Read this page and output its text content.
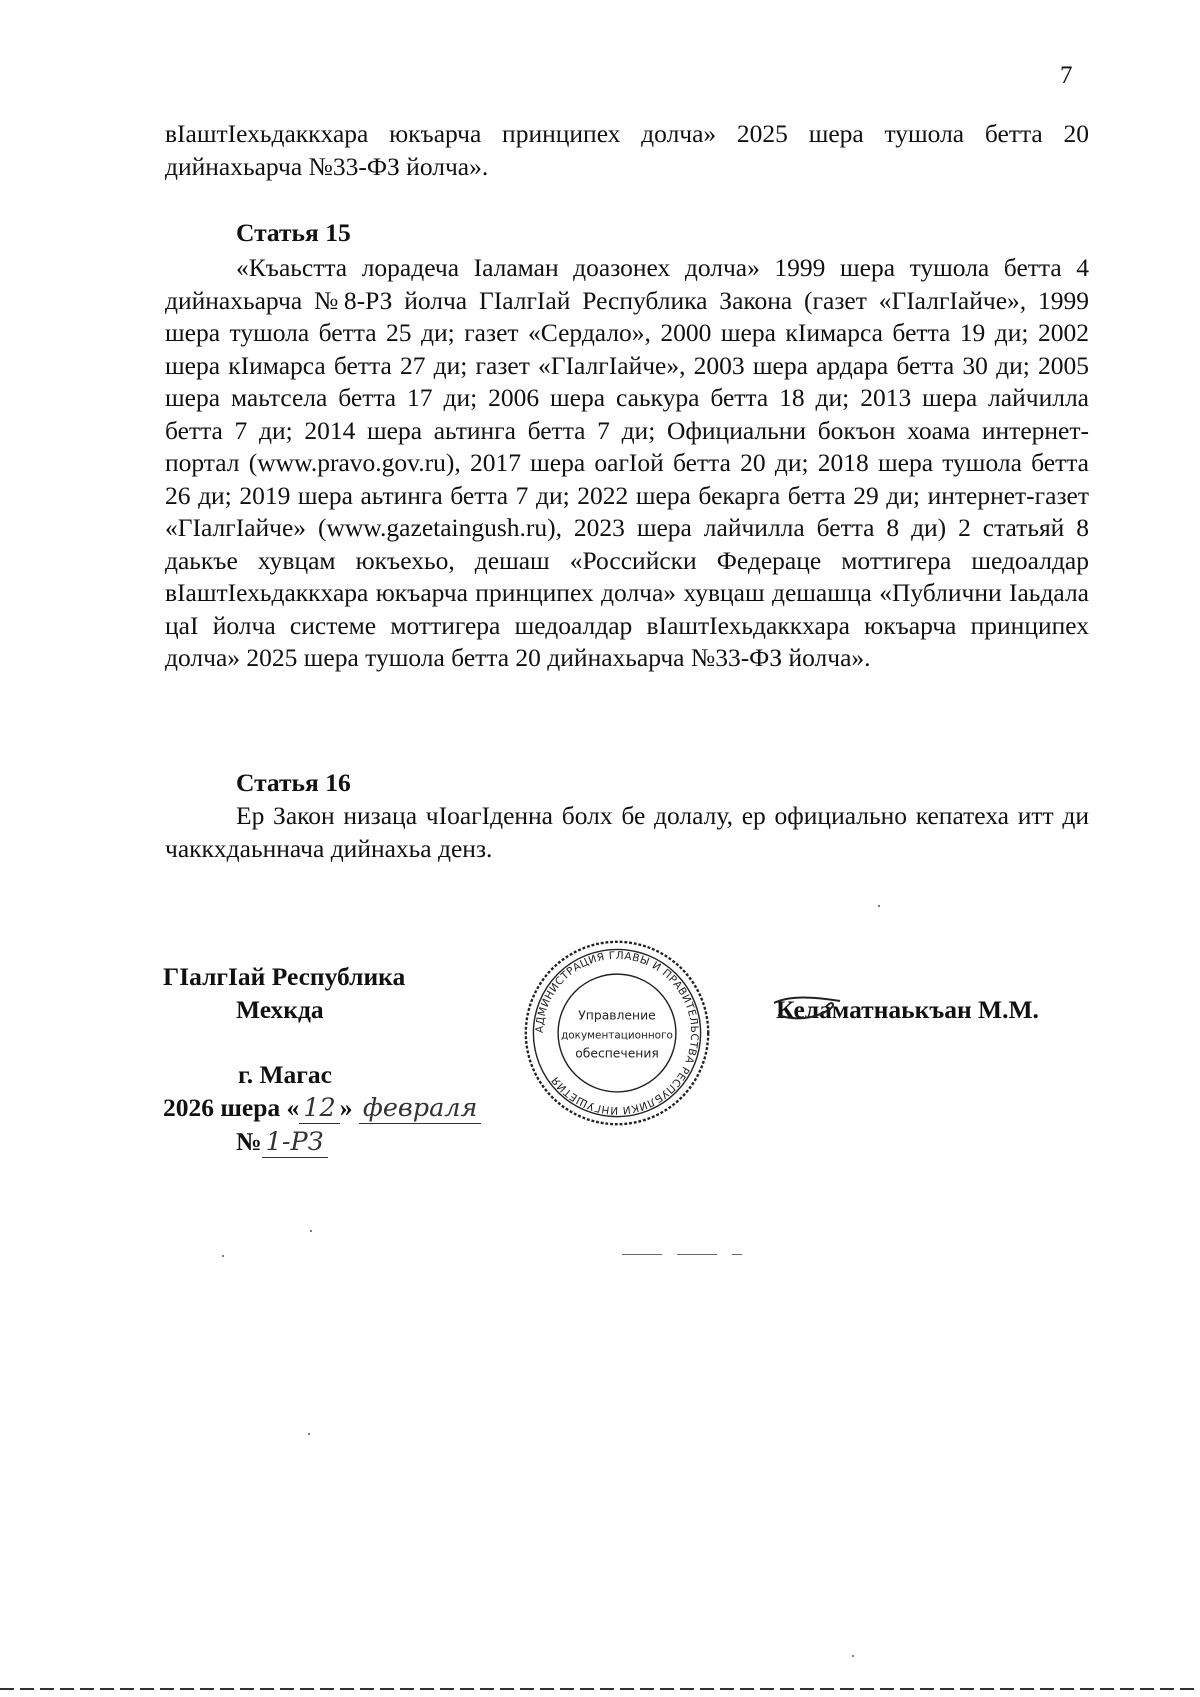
7
вIаштIехьдаккхара юкъарча принципех долча» 2025 шера тушола бетта 20 дийнахьарча №33-ФЗ йолча».
Статья 15
«Къаьстта лорадеча Iаламан доазонех долча» 1999 шера тушола бетта 4 дийнахьарча №8-РЗ йолча ГIалгIай Республика Закона (газет «ГIалгIайче», 1999 шера тушола бетта 25 ди; газет «Сердало», 2000 шера кIимарса бетта 19 ди; 2002 шера кIимарса бетта 27 ди; газет «ГIалгIайче», 2003 шера ардара бетта 30 ди; 2005 шера маьтсела бетта 17 ди; 2006 шера саькура бетта 18 ди; 2013 шера лайчилла бетта 7 ди; 2014 шера аьтинга бетта 7 ди; Официальни бокъон хоама интернет-портал (www.pravo.gov.ru), 2017 шера оагIой бетта 20 ди; 2018 шера тушола бетта 26 ди; 2019 шера аьтинга бетта 7 ди; 2022 шера бекарга бетта 29 ди; интернет-газет «ГIалгIайче» (www.gazetaingush.ru), 2023 шера лайчилла бетта 8 ди) 2 статьяй 8 даькъе хувцам юкъехьо, дешаш «Российски Федераце моттигера шедоалдар вIаштIехьдаккхара юкъарча принципех долча» хувцаш дешашца «Публични Iаьдала цаI йолча системе моттигера шедоалдар вIаштIехьдаккхара юкъарча принципех долча» 2025 шера тушола бетта 20 дийнахьарча №33-ФЗ йолча».
Статья 16
Ер Закон низаца чIоагIденна болх бе долалу, ер официально кепатеха итт ди чаккхдаьннача дийнахьа денз.
ГIалгIай Республика
Мехкда	Келаматнаькъан М.М.
г. Магас
2026 шера « 12 » февраля
№ 1-РЗ
АДМИНИСТРАЦИЯ ГЛАВЫ И ПРАВИТЕЛЬСТВА РЕСПУБЛИКИ ИНГУШЕТИЯ
Управление
документационного
обеспечения
